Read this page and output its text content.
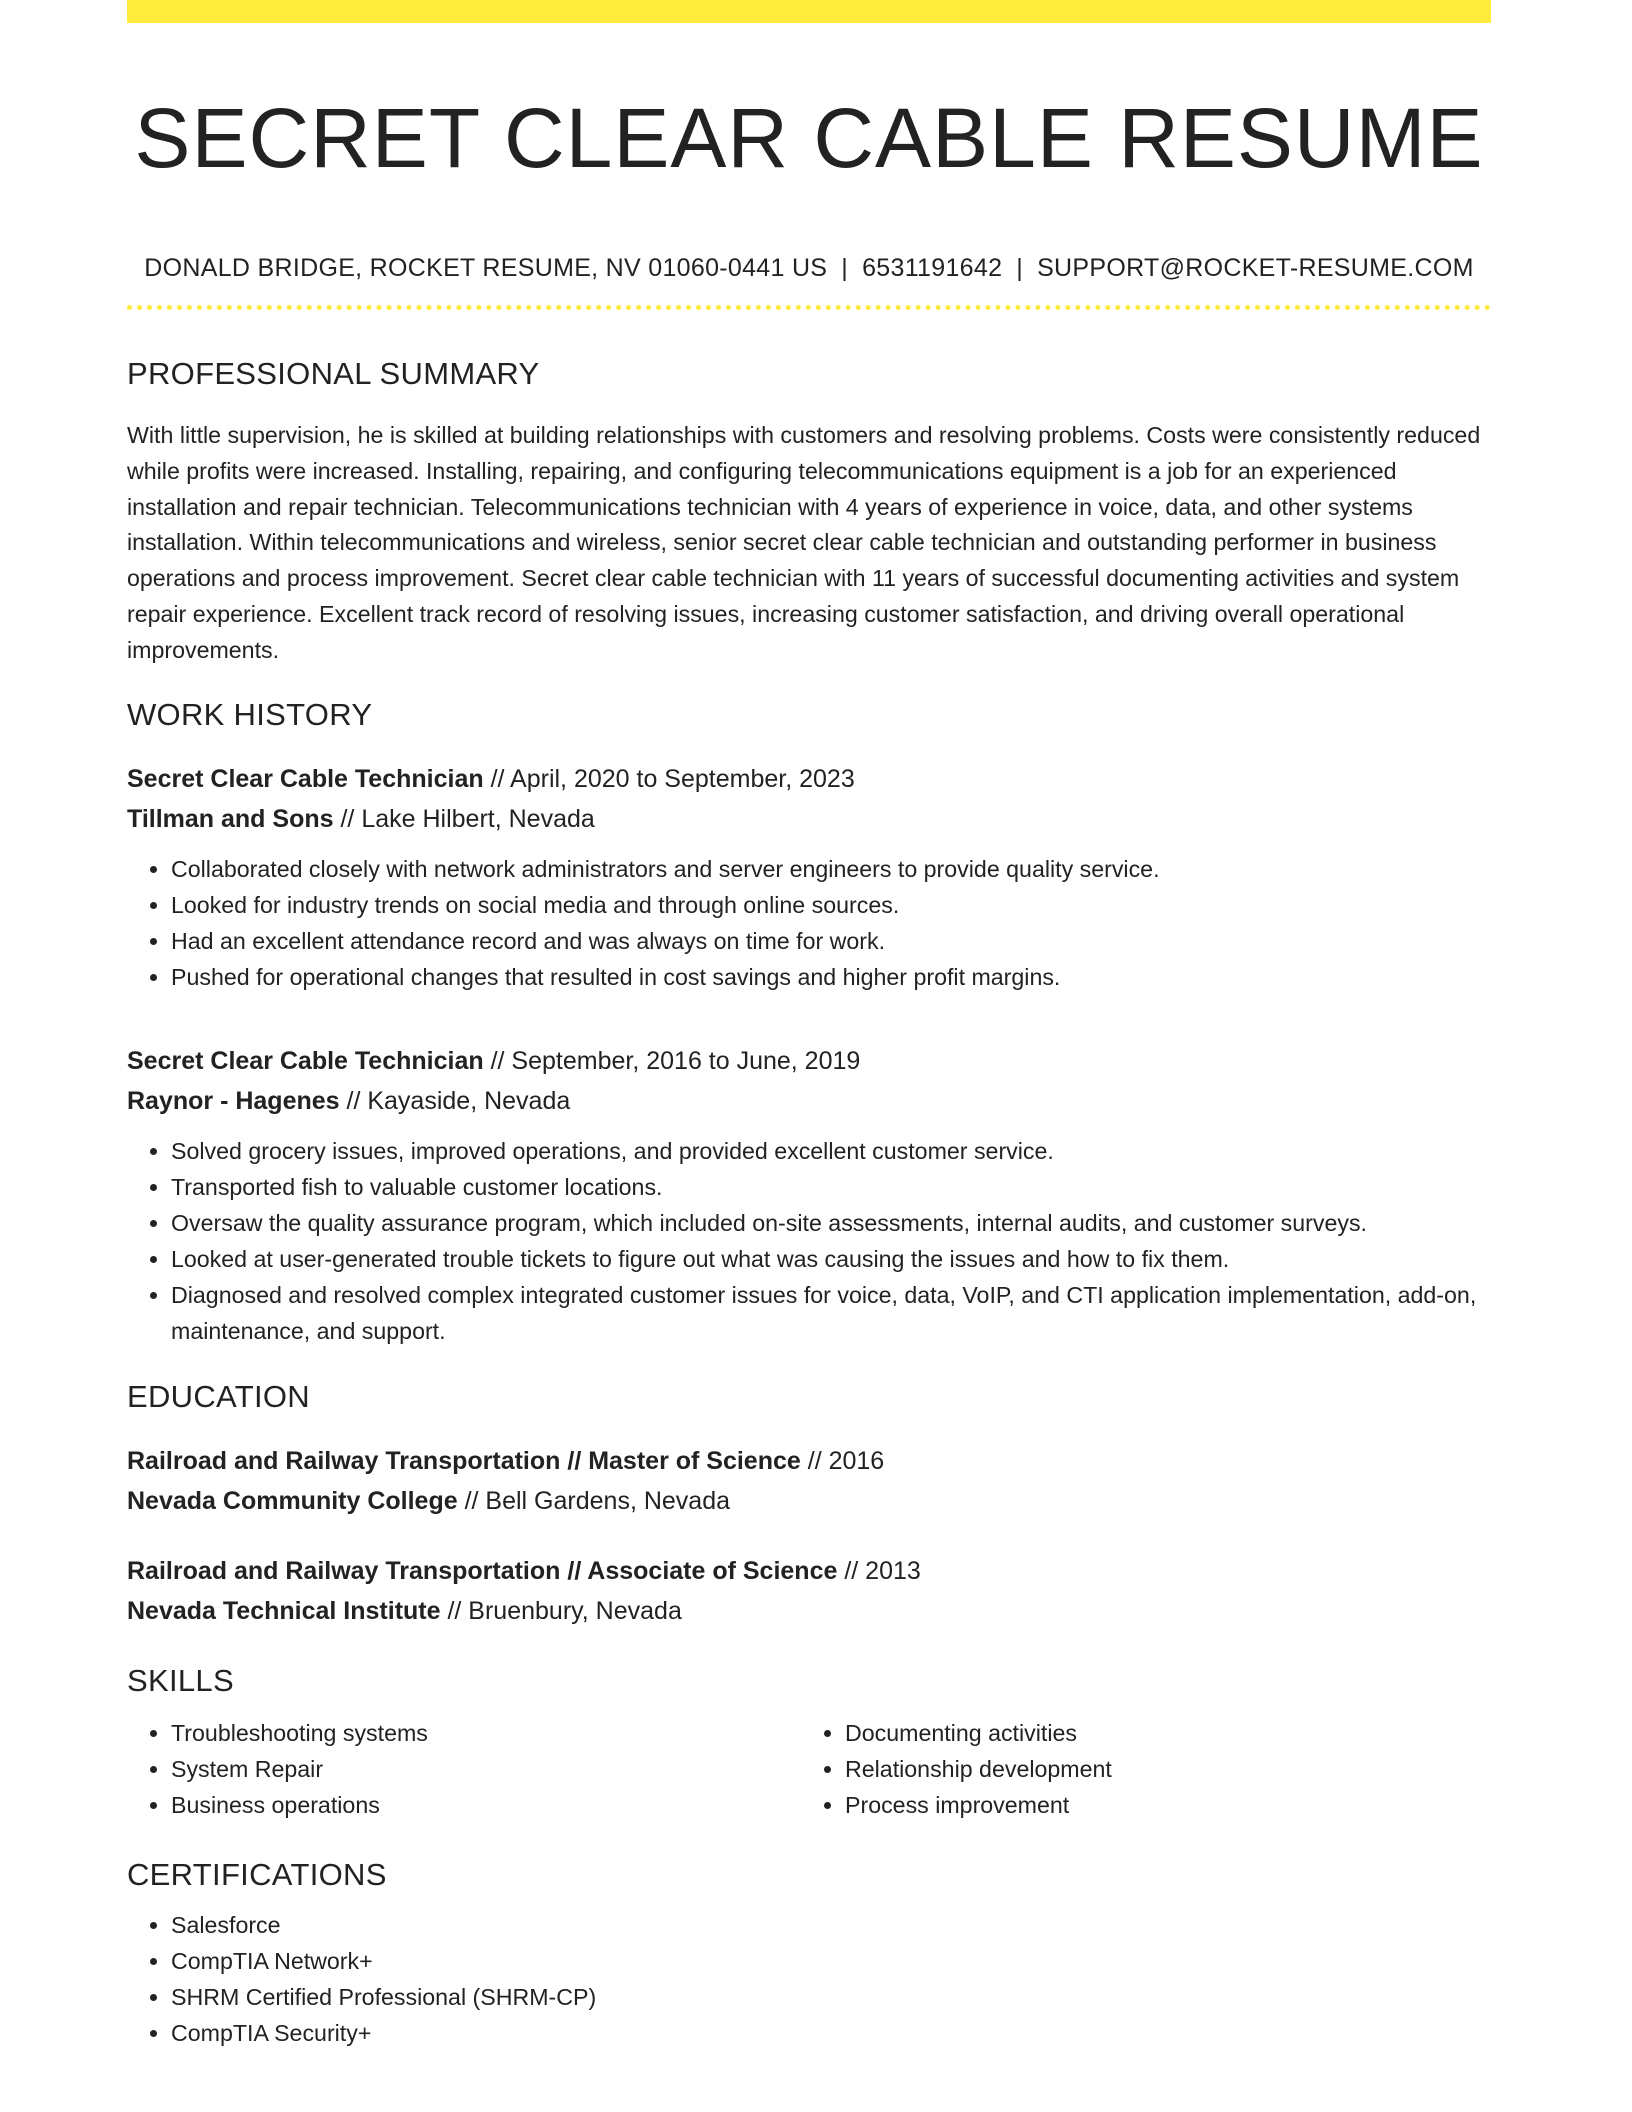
SECRET CLEAR CABLE RESUME
DONALD BRIDGE, ROCKET RESUME, NV 01060-0441 US | 6531191642 | SUPPORT@ROCKET-RESUME.COM
PROFESSIONAL SUMMARY

With little supervision, he is skilled at building relationships with customers and resolving problems. Costs were consistently reduced while profits were increased. Installing, repairing, and configuring telecommunications equipment is a job for an experienced installation and repair technician. Telecommunications technician with 4 years of experience in voice, data, and other systems installation. Within telecommunications and wireless, senior secret clear cable technician and outstanding performer in business operations and process improvement. Secret clear cable technician with 11 years of successful documenting activities and system repair experience. Excellent track record of resolving issues, increasing customer satisfaction, and driving overall operational improvements.

WORK HISTORY
Secret Clear Cable Technician // April, 2020 to September, 2023
Tillman and Sons // Lake Hilbert, Nevada
• Collaborated closely with network administrators and server engineers to provide quality service.
• Looked for industry trends on social media and through online sources.
• Had an excellent attendance record and was always on time for work.
• Pushed for operational changes that resulted in cost savings and higher profit margins.
Secret Clear Cable Technician // September, 2016 to June, 2019
Raynor - Hagenes // Kayaside, Nevada
• Solved grocery issues, improved operations, and provided excellent customer service.
• Transported fish to valuable customer locations.
• Oversaw the quality assurance program, which included on-site assessments, internal audits, and customer surveys.
• Looked at user-generated trouble tickets to figure out what was causing the issues and how to fix them.
• Diagnosed and resolved complex integrated customer issues for voice, data, VoIP, and CTI application implementation, add-on, maintenance, and support.
EDUCATION
Railroad and Railway Transportation // Master of Science // 2016
Nevada Community College // Bell Gardens, Nevada
Railroad and Railway Transportation // Associate of Science // 2013
Nevada Technical Institute // Bruenbury, Nevada
SKILLS
• Troubleshooting systems
• System Repair
• Business operations
• Documenting activities
• Relationship development
• Process improvement
CERTIFICATIONS
• Salesforce
• CompTIA Network+
• SHRM Certified Professional (SHRM-CP)
• CompTIA Security+
